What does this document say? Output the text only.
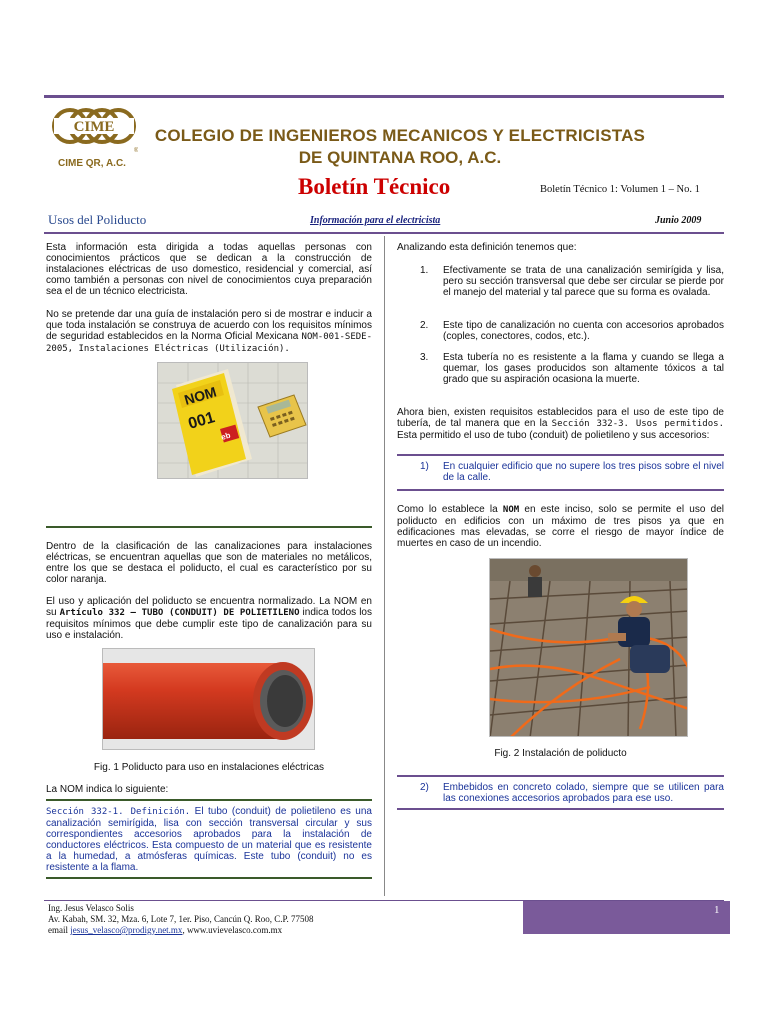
CIME
®
CIME QR, A.C.
COLEGIO DE INGENIEROS MECANICOS Y ELECTRICISTAS
DE QUINTANA ROO, A.C.
Boletín Técnico	Boletín Técnico 1: Volumen 1 – No. 1
Usos del Poliducto	Información para el electricista	Junio 2009
Esta información esta dirigida a todas aquellas personas con conocimientos prácticos que se dedican a la construcción de instalaciones eléctricas de uso domestico, residencial y comercial, así como también a personas con nivel de conocimientos cuya preparación sea el de un técnico electricista.
No se pretende dar una guía de instalación pero si de mostrar e inducir a que toda instalación se construya de acuerdo con los requisitos mínimos de seguridad establecidos en la Norma Oficial Mexicana NOM-001-SEDE-2005, Instalaciones Eléctricas (Utilización).
NOM
001
eb
Dentro de la clasificación de las canalizaciones para instalaciones eléctricas, se encuentran aquellas que son de materiales no metálicos, entre los que se destaca el poliducto, el cual es característico por su color naranja.
El uso y aplicación del poliducto se encuentra normalizado. La NOM en su Artículo 332 – TUBO (CONDUIT) DE POLIETILENO indica todos los requisitos mínimos que debe cumplir este tipo de canalización para su uso e instalación.
Fig. 1 Poliducto para uso en instalaciones eléctricas
La NOM indica lo siguiente:
Sección 332-1. Definición. El tubo (conduit) de polietileno es una canalización semirígida, lisa con sección transversal circular y sus correspondientes accesorios aprobados para la instalación de conductores eléctricos. Esta compuesto de un material que es resistente a la humedad, a atmósferas químicas. Este tubo (conduit) no es resistente a la flama.
Analizando esta definición tenemos que:
1. Efectivamente se trata de una canalización semirígida y lisa, pero su sección transversal que debe ser circular se pierde por el manejo del material y tal parece que su forma es ovalada.
2. Este tipo de canalización no cuenta con accesorios aprobados (coples, conectores, codos, etc.).
3. Esta tubería no es resistente a la flama y cuando se llega a quemar, los gases producidos son altamente tóxicos a tal grado que su aspiración ocasiona la muerte.
Ahora bien, existen requisitos establecidos para el uso de este tipo de tubería, de tal manera que en la Sección 332-3. Usos permitidos. Esta permitido el uso de tubo (conduit) de polietileno y sus accesorios:
1) En cualquier edificio que no supere los tres pisos sobre el nivel de la calle.
Como lo establece la NOM en este inciso, solo se permite el uso del poliducto en edificios con un máximo de tres pisos ya que en edificaciones mas elevadas, se corre el riesgo de mayor índice de muertes en caso de un incendio.
Fig. 2 Instalación de poliducto
2) Embebidos en concreto colado, siempre que se utilicen para las conexiones accesorios aprobados para ese uso.
Ing. Jesus Velasco Solis
Av. Kabah, SM. 32, Mza. 6, Lote 7, 1er. Piso, Cancún Q. Roo, C.P. 77508
email jesus_velasco@prodigy.net.mx, www.uvievelasco.com.mx
1
